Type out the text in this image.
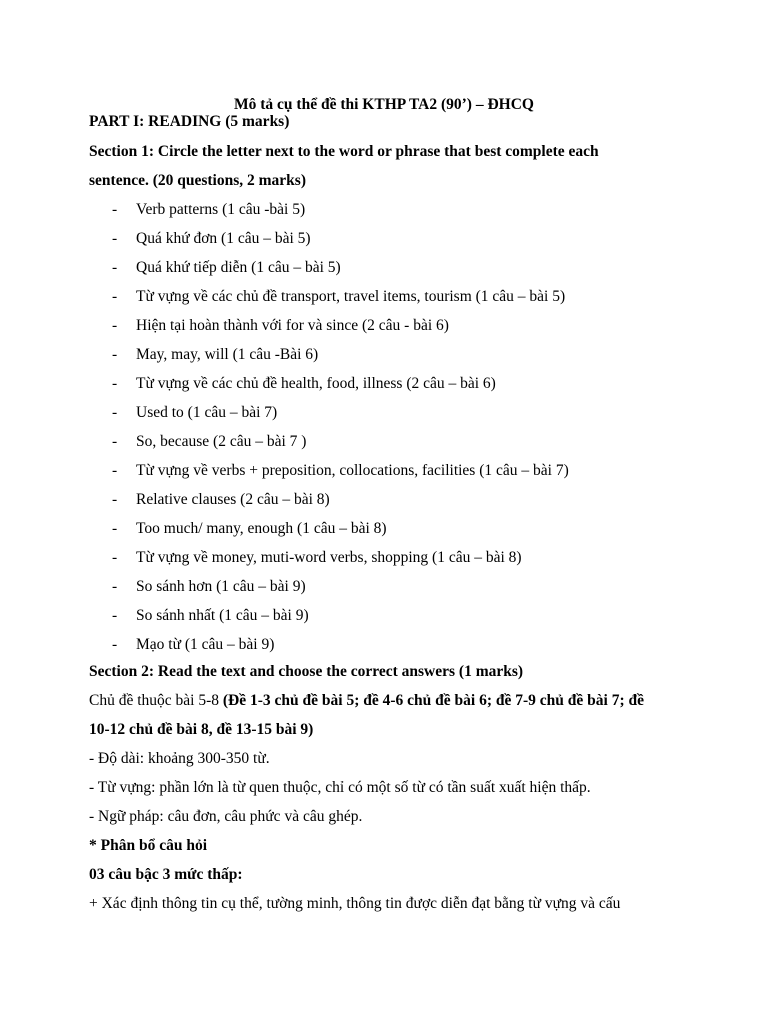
Mô tả cụ thể đề thi KTHP TA2 (90’) – ĐHCQ
PART I: READING (5 marks)
Section 1: Circle the letter next to the word or phrase that best complete each
sentence. (20 questions, 2 marks)
- Verb patterns (1 câu -bài 5)
- Quá khứ đơn (1 câu – bài 5)
- Quá khứ tiếp diễn (1 câu – bài 5)
- Từ vựng về các chủ đề transport, travel items, tourism (1 câu – bài 5)
- Hiện tại hoàn thành với for và since (2 câu - bài 6)
- May, may, will (1 câu -Bài 6)
- Từ vựng về các chủ đề health, food, illness (2 câu – bài 6)
- Used to (1 câu – bài 7)
- So, because (2 câu – bài 7 )
- Từ vựng về verbs + preposition, collocations, facilities (1 câu – bài 7)
- Relative clauses (2 câu – bài 8)
- Too much/ many, enough (1 câu – bài 8)
- Từ vựng về money, muti-word verbs, shopping (1 câu – bài 8)
- So sánh hơn (1 câu – bài 9)
- So sánh nhất (1 câu – bài 9)
- Mạo từ (1 câu – bài 9)
Section 2: Read the text and choose the correct answers (1 marks)
Chủ đề thuộc bài 5-8 (Đề 1-3 chủ đề bài 5; đề 4-6 chủ đề bài 6; đề 7-9 chủ đề bài 7; đề
10-12 chủ đề bài 8, đề 13-15 bài 9)
- Độ dài: khoảng 300-350 từ.
- Từ vựng: phần lớn là từ quen thuộc, chỉ có một số từ có tần suất xuất hiện thấp.
- Ngữ pháp: câu đơn, câu phức và câu ghép.
* Phân bổ câu hỏi
03 câu bậc 3 mức thấp:
+ Xác định thông tin cụ thể, tường minh, thông tin được diễn đạt bằng từ vựng và cấu
